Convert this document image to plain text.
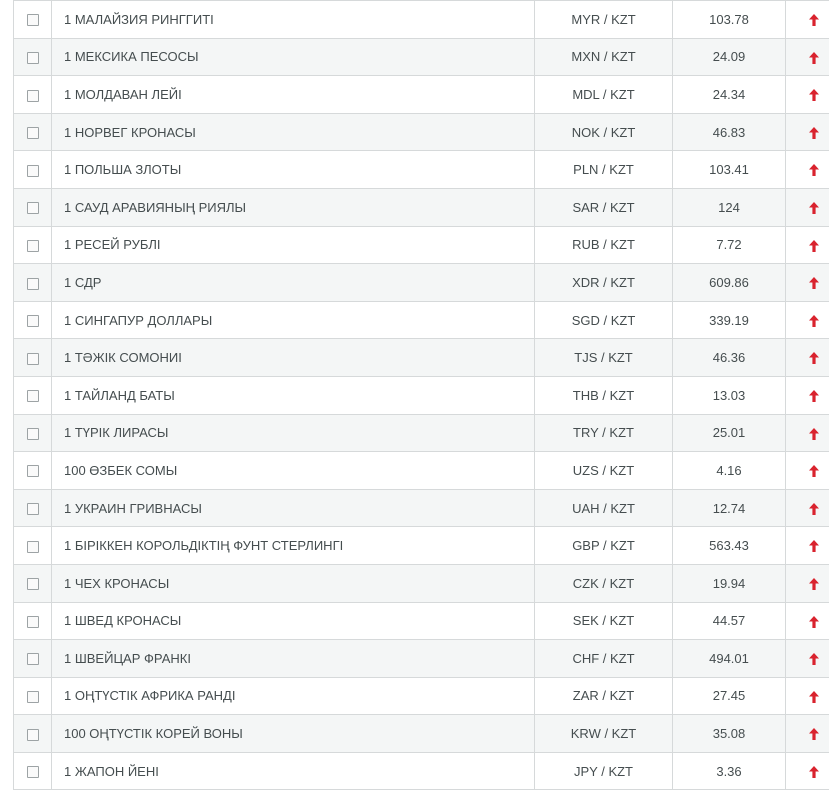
	1 МАЛАЙЗИЯ РИНГГИТІ	MYR / KZT	103.78	
	1 МЕКСИКА ПЕСОСЫ	MXN / KZT	24.09	
	1 МОЛДАВАН ЛЕЙІ	MDL / KZT	24.34	
	1 НОРВЕГ КРОНАСЫ	NOK / KZT	46.83	
	1 ПОЛЬША ЗЛОТЫ	PLN / KZT	103.41	
	1 САУД АРАВИЯНЫҢ РИЯЛЫ	SAR / KZT	124	
	1 РЕСЕЙ РУБЛІ	RUB / KZT	7.72	
	1 СДР	XDR / KZT	609.86	
	1 СИНГАПУР ДОЛЛАРЫ	SGD / KZT	339.19	
	1 ТӘЖІК СОМОНИІ	TJS / KZT	46.36	
	1 ТАЙЛАНД БАТЫ	THB / KZT	13.03	
	1 ТҮРІК ЛИРАСЫ	TRY / KZT	25.01	
	100 ӨЗБЕК СОМЫ	UZS / KZT	4.16	
	1 УКРАИН ГРИВНАСЫ	UAH / KZT	12.74	
	1 БІРІККЕН КОРОЛЬДІКТІҢ ФУНТ СТЕРЛИНГІ	GBP / KZT	563.43	
	1 ЧЕХ КРОНАСЫ	CZK / KZT	19.94	
	1 ШВЕД КРОНАСЫ	SEK / KZT	44.57	
	1 ШВЕЙЦАР ФРАНКІ	CHF / KZT	494.01	
	1 ОҢТҮСТІК АФРИКА РАНДІ	ZAR / KZT	27.45	
	100 ОҢТҮСТІК КОРЕЙ ВОНЫ	KRW / KZT	35.08	
	1 ЖАПОН ЙЕНІ	JPY / KZT	3.36	
